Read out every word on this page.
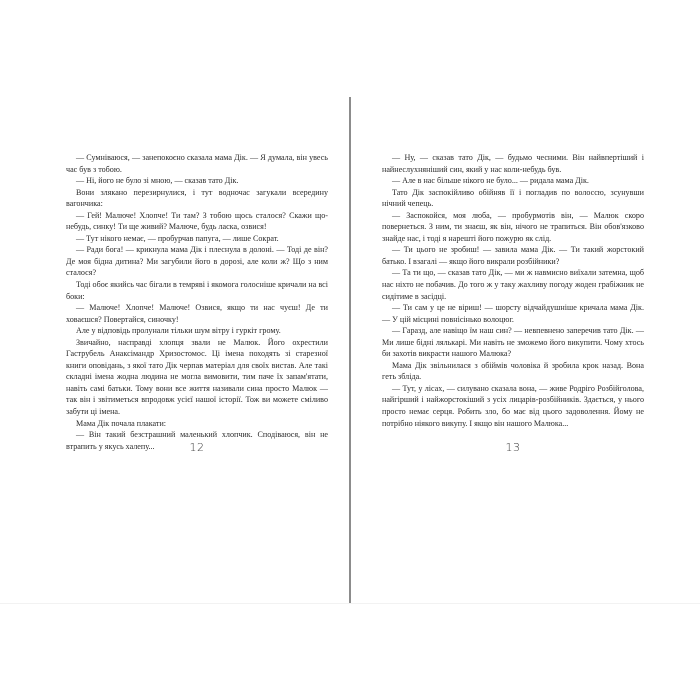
— Сумніваюся, — занепокоєно сказала мама Дік. — Я думала, він увесь час був з тобою.

— Ні, його не було зі мною, — сказав тато Дік.

Вони зляканo перезирнулися, і тут водночас загукали всередину вагончика:

— Гей! Малюче! Хлопче! Ти там? З тобою щось сталося? Скажи що-небудь, синку! Ти ще живий? Малюче, будь ласка, озвися!

— Тут нікого немає, — пробурчав папуга, — лише Сократ.

— Ради бога! — крикнула мама Дік і плеснула в долоні. — Тоді де він? Де моя бідна дитина? Ми загубили його в дорозі, але коли ж? Що з ним сталося?

Тоді обоє якийсь час бігали в темряві і якомога голосніше кричали на всі боки:

— Малюче! Хлопче! Малюче! Озвися, якщо ти нас чуєш! Де ти ховаєшся? Повертайся, синочку!

Але у відповідь пролунали тільки шум вітру і гуркіт грому.

Звичайно, насправді хлопця звали не Малюк. Його охрестили Гаструбель Анаксімандр Хризостомос. Ці імена походять зі старезної книги оповідань, з якої тато Дік черпав матеріал для своїх вистав. Але такі складні імена жодна людина не могла вимовити, тим паче їх запам'ятати, навіть самі батьки. Тому вони все життя називали сина просто Малюк — так він і звітиметься впродовж усієї нашої історії. Тож ви можете сміливо забути ці імена.

Мама Дік почала плакати:

— Він такий безстрашний маленький хлопчик. Сподіваюся, він не втрапить у якусь халепу...	12

— Ну, — сказав тато Дік, — будьмо чесними. Він найвпертіший і найнеслухняніший син, який у нас коли-небудь був.

— Але в нас більше нікого не було... — ридала мама Дік.

Тато Дік заспокійливо обійняв її і погладив по волоссю, зсунувши нічний чепець.

— Заспокойся, моя люба, — пробурмотів він, — Малюк скоро повернеться. З ним, ти знаєш, як він, нічого не трапиться. Він обов'язково знайде нас, і тоді я нарешті його пожурю як слід.

— Ти цього не зробиш! — завила мама Дік. — Ти такий жорстокий батько. І взагалі — якщо його викрали розбійники?

— Та ти що, — сказав тато Дік, — ми ж навмисно виїхали затемна, щоб нас ніхто не побачив. До того ж у таку жахливу погоду жоден грабіжник не сидітиме в засідці.

— Ти сам у це не віриш! — шорсту відчайдушніше кричала мама Дік. — У цій місцині повнісінько волоцюг.

— Гаразд, але навіщо їм наш син? — невпевнено заперечив тато Дік. — Ми лише бідні лялькарі. Ми навіть не зможемо його викупити. Чому хтось би захотів викрасти нашого Малюка?

Мама Дік звільнилася з обіймів чоловіка й зробила крок назад. Вона геть збліда.

— Тут, у лісах, — силувано сказала вона, — живе Родріго Розбійголова, найгірший і найжорстокіший з усіх лицарів-розбійників. Здається, у нього просто немає серця. Робить зло, бо має від цього задоволення. Йому не потрібно ніякого викупу. І якщо він нашого Малюка...

13
